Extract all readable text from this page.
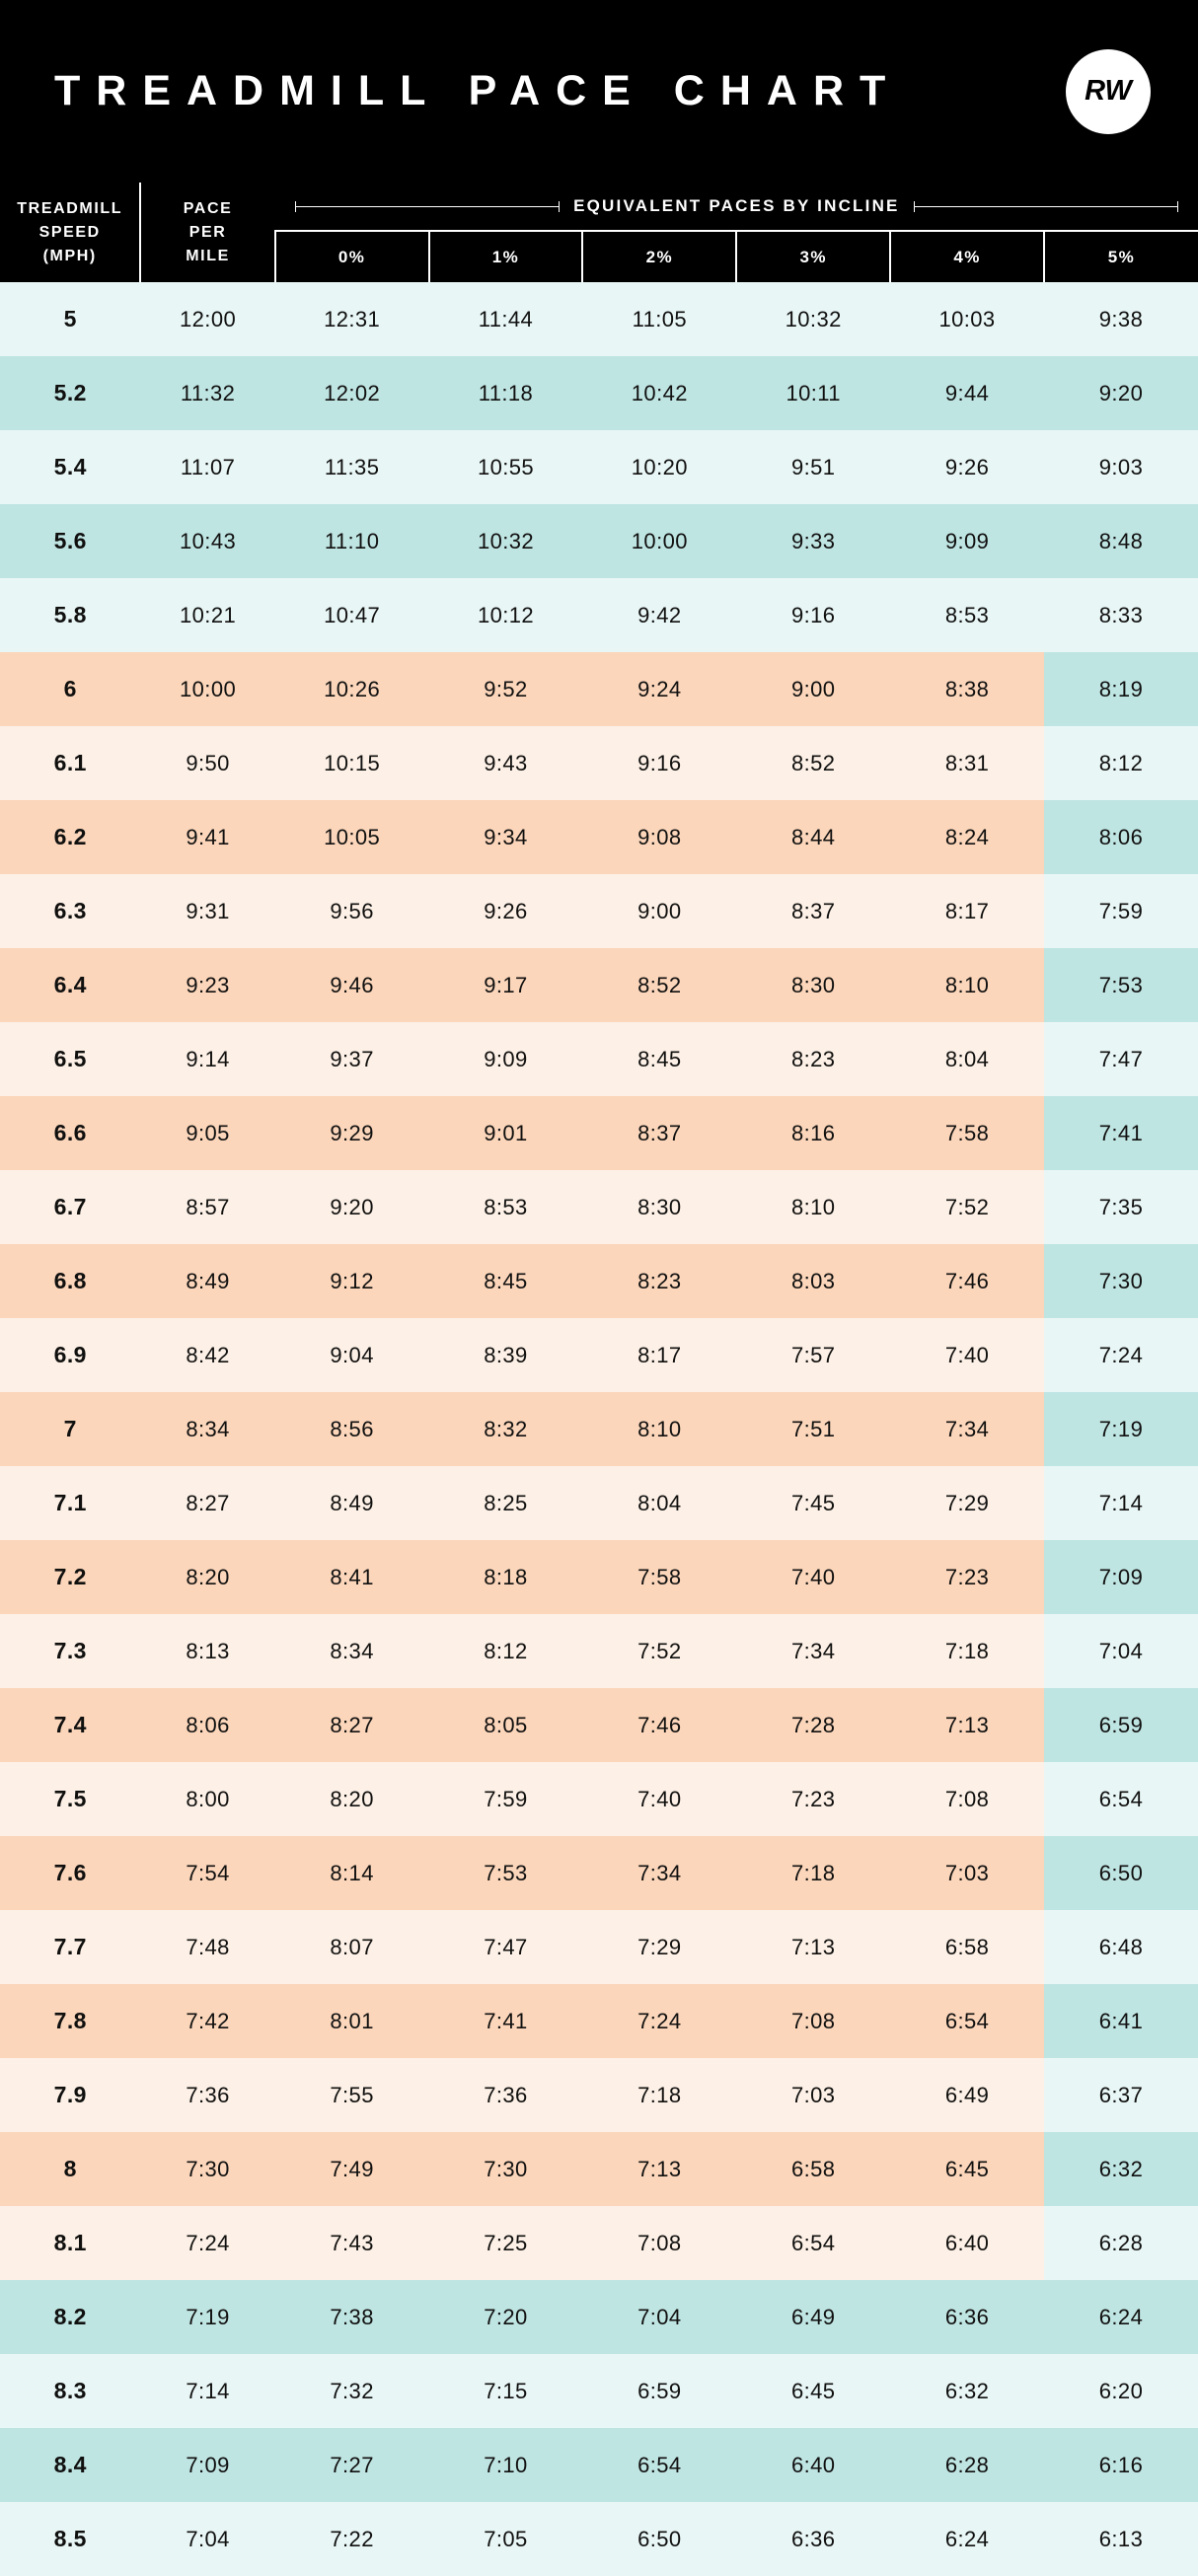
TREADMILL PACE CHART	RW
TREADMILL
SPEED
(MPH)

PACE
PER
MILE

EQUIVALENT PACES BY INCLINE

		0%	1%	2%	3%	4%	5%
5	12:00	12:31	11:44	11:05	10:32	10:03	9:38
5.2	11:32	12:02	11:18	10:42	10:11	9:44	9:20
5.4	11:07	11:35	10:55	10:20	9:51	9:26	9:03
5.6	10:43	11:10	10:32	10:00	9:33	9:09	8:48
5.8	10:21	10:47	10:12	9:42	9:16	8:53	8:33
6	10:00	10:26	9:52	9:24	9:00	8:38	8:19
6.1	9:50	10:15	9:43	9:16	8:52	8:31	8:12
6.2	9:41	10:05	9:34	9:08	8:44	8:24	8:06
6.3	9:31	9:56	9:26	9:00	8:37	8:17	7:59
6.4	9:23	9:46	9:17	8:52	8:30	8:10	7:53
6.5	9:14	9:37	9:09	8:45	8:23	8:04	7:47
6.6	9:05	9:29	9:01	8:37	8:16	7:58	7:41
6.7	8:57	9:20	8:53	8:30	8:10	7:52	7:35
6.8	8:49	9:12	8:45	8:23	8:03	7:46	7:30
6.9	8:42	9:04	8:39	8:17	7:57	7:40	7:24
7	8:34	8:56	8:32	8:10	7:51	7:34	7:19
7.1	8:27	8:49	8:25	8:04	7:45	7:29	7:14
7.2	8:20	8:41	8:18	7:58	7:40	7:23	7:09
7.3	8:13	8:34	8:12	7:52	7:34	7:18	7:04
7.4	8:06	8:27	8:05	7:46	7:28	7:13	6:59
7.5	8:00	8:20	7:59	7:40	7:23	7:08	6:54
7.6	7:54	8:14	7:53	7:34	7:18	7:03	6:50
7.7	7:48	8:07	7:47	7:29	7:13	6:58	6:48
7.8	7:42	8:01	7:41	7:24	7:08	6:54	6:41
7.9	7:36	7:55	7:36	7:18	7:03	6:49	6:37
8	7:30	7:49	7:30	7:13	6:58	6:45	6:32
8.1	7:24	7:43	7:25	7:08	6:54	6:40	6:28
8.2	7:19	7:38	7:20	7:04	6:49	6:36	6:24
8.3	7:14	7:32	7:15	6:59	6:45	6:32	6:20
8.4	7:09	7:27	7:10	6:54	6:40	6:28	6:16
8.5	7:04	7:22	7:05	6:50	6:36	6:24	6:13
